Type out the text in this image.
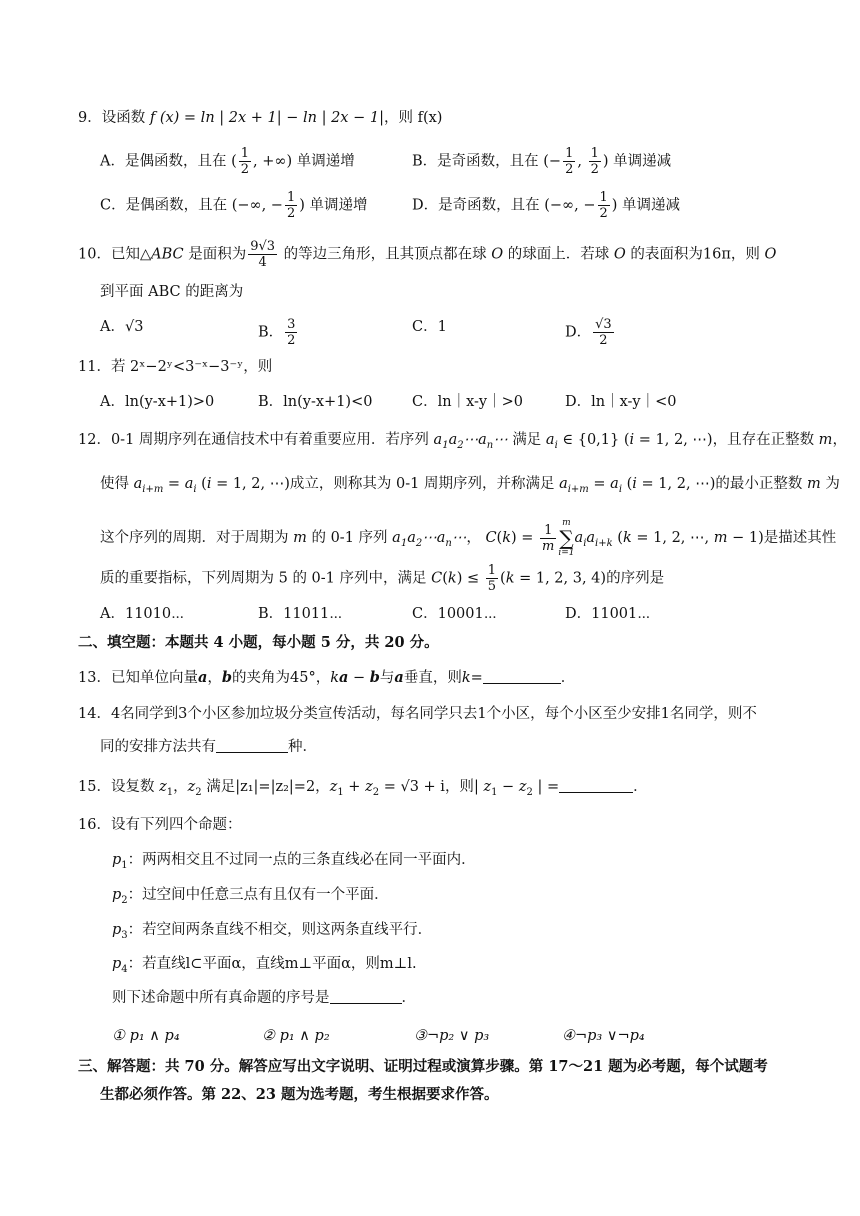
9．设函数 f (x) = ln | 2x + 1| − ln | 2x − 1|，则 f(x)
A．是偶函数，且在 ( $\frac{1}{2}$ , +∞) 单调递增	B．是奇函数，且在 (− $\frac{1}{2}$ , $\frac{1}{2}$ ) 单调递减
C．是偶函数，且在 (−∞, − $\frac{1}{2}$ ) 单调递增	D．是奇函数，且在 (−∞, − $\frac{1}{2}$ ) 单调递减
10．已知△ABC 是面积为 $\frac{9√3}{4}$ 的等边三角形，且其顶点都在球 O 的球面上．若球 O 的表面积为16π，则 O
到平面 ABC 的距离为
A．√3	B． $\frac{3}{2}$	C．1	D． $\frac{√3}{2}$
11．若 2ˣ−2ʸ<3⁻ˣ−3⁻ʸ，则
A．ln(y-x+1)>0	B．ln(y-x+1)<0	C．ln｜x-y｜>0	D．ln｜x-y｜<0
12．0-1 周期序列在通信技术中有着重要应用．若序列 $a_1a_2\cdots a_n\cdots$ 满足 $a_i$ ∈ {0,1} (i = 1, 2, ⋯)，且存在正整数 m，
使得 $a_{i+m} = a_i$ (i = 1, 2, ⋯)成立，则称其为 0-1 周期序列，并称满足 $a_{i+m} = a_i$ (i = 1, 2, ⋯)的最小正整数 m 为
这个序列的周期．对于周期为 m 的 0-1 序列 $a_1a_2\cdots a_n\cdots$， $C(k) = \frac{1}{m}$ m
∑
i=1
$a_ia_{i+k}$ (k = 1, 2, ⋯, m − 1)是描述其性
质的重要指标，下列周期为 5 的 0-1 序列中，满足 $C(k) \le \frac{1}{5} (k = 1$, 2, 3, 4)的序列是
A．11010⋯	B．11011⋯	C．10001⋯	D．11001⋯
二、填空题：本题共 4 小题，每小题 5 分，共 20 分。
13．已知单位向量a，b的夹角为45°，ka − b与a垂直，则k=	．
14．4名同学到3个小区参加垃圾分类宣传活动，每名同学只去1个小区，每个小区至少安排1名同学，则不
同的安排方法共有	种．
15．设复数 $z_1$，$z_2$ 满足|z₁|=|z₂|=2，$z_1 + z_2 = √3 + i$，则| $z_1 - z_2$ | =	．
16．设有下列四个命题：
$p_1$：两两相交且不过同一点的三条直线必在同一平面内．
$p_2$：过空间中任意三点有且仅有一个平面．
$p_3$：若空间两条直线不相交，则这两条直线平行．
$p_4$：若直线l⊂平面α，直线m⊥平面α，则m⊥l.
则下述命题中所有真命题的序号是	．
① p₁ ∧ p₄	② p₁ ∧ p₂	③¬p₂ ∨ p₃	④¬p₃ ∨¬p₄
三、解答题：共 70 分。解答应写出文字说明、证明过程或演算步骤。第 17～21 题为必考题，每个试题考
生都必须作答。第 22、23 题为选考题，考生根据要求作答。
